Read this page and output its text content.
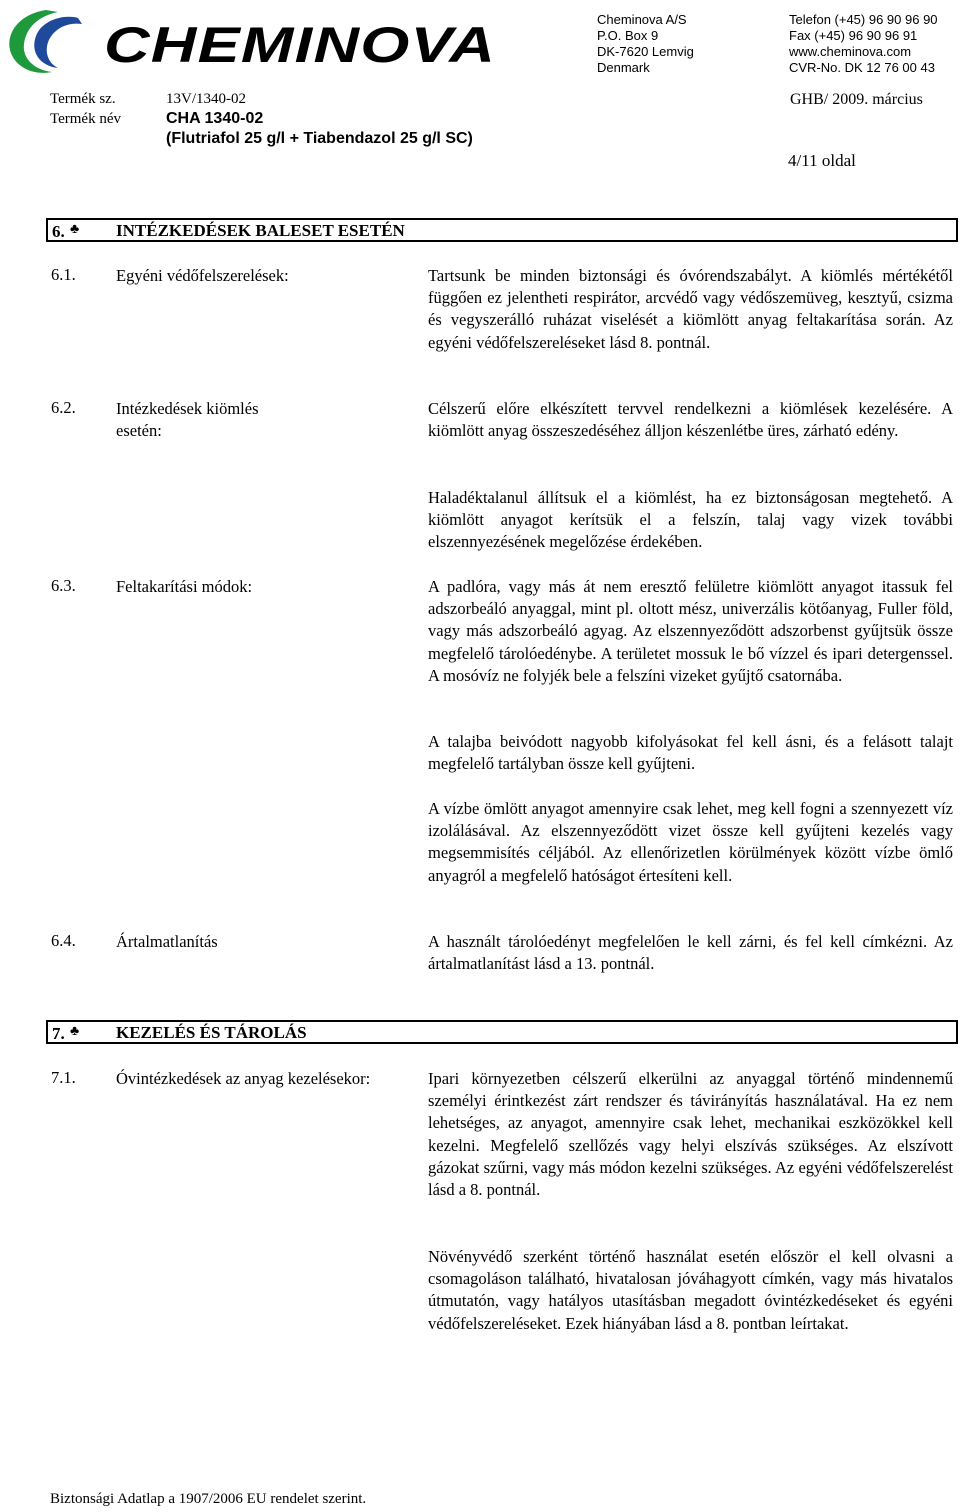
CHEMINOVA	Cheminova A/S
P.O. Box 9
DK-7620 Lemvig
Denmark
Telefon (+45) 96 90 96 90
Fax (+45) 96 90 96 91
www.cheminova.com
CVR-No. DK 12 76 00 43
Termék sz.	13V/1340-02
Termék név	CHA 1340-02
(Flutriafol 25 g/l + Tiabendazol 25 g/l SC)
GHB/ 2009. március
4/11 oldal
6. ♣ INTÉZKEDÉSEK BALESET ESETÉN
6.1. Egyéni védőfelszerelések:	Tartsunk be minden biztonsági és óvórendszabályt. A kiömlés mértékétől függően ez jelentheti respirátor, arcvédő vagy védőszemüveg, kesztyű, csizma és vegyszerálló ruházat viselését a kiömlött anyag feltakarítása során. Az egyéni védőfelszereléseket lásd 8. pontnál.

6.2. Intézkedések kiömlés
esetén:

Célszerű előre elkészített tervvel rendelkezni a kiömlések kezelésére. A kiömlött anyag összeszedéséhez álljon készenlétbe üres, zárható edény.

Haladéktalanul állítsuk el a kiömlést, ha ez biztonságosan megtehető. A kiömlött anyagot kerítsük el a felszín, talaj vagy vizek további elszennyezésének megelőzése érdekében.

6.3. Feltakarítási módok:	A padlóra, vagy más át nem eresztő felületre kiömlött anyagot itassuk fel adszorbeáló anyaggal, mint pl. oltott mész, univerzális kötőanyag, Fuller föld, vagy más adszorbeáló agyag. Az elszennyeződött adszorbenst gyűjtsük össze megfelelő tárolóedénybe. A területet mossuk le bő vízzel és ipari detergenssel. A mosóvíz ne folyjék bele a felszíni vizeket gyűjtő csatornába.

A talajba beivódott nagyobb kifolyásokat fel kell ásni, és a felásott talajt megfelelő tartályban össze kell gyűjteni.

A vízbe ömlött anyagot amennyire csak lehet, meg kell fogni a szennyezett víz izolálásával. Az elszennyeződött vizet össze kell gyűjteni kezelés vagy megsemmisítés céljából. Az ellenőrizetlen körülmények között vízbe ömlő anyagról a megfelelő hatóságot értesíteni kell.

6.4. Ártalmatlanítás	A használt tárolóedényt megfelelően le kell zárni, és fel kell címkézni. Az ártalmatlanítást lásd a 13. pontnál.

7. ♣ KEZELÉS ÉS TÁROLÁS
7.1. Óvintézkedések az anyag kezelésekor:	Ipari környezetben célszerű elkerülni az anyaggal történő mindennemű személyi érintkezést zárt rendszer és távirányítás használatával. Ha ez nem lehetséges, az anyagot, amennyire csak lehet, mechanikai eszközökkel kell kezelni. Megfelelő szellőzés vagy helyi elszívás szükséges. Az elszívott gázokat szűrni, vagy más módon kezelni szükséges. Az egyéni védőfelszerelést lásd a 8. pontnál.

Növényvédő szerként történő használat esetén először el kell olvasni a csomagoláson található, hivatalosan jóváhagyott címkén, vagy más hivatalos útmutatón, vagy hatályos utasításban megadott óvintézkedéseket és egyéni védőfelszereléseket. Ezek hiányában lásd a 8. pontban leírtakat.

Biztonsági Adatlap a 1907/2006 EU rendelet szerint.
